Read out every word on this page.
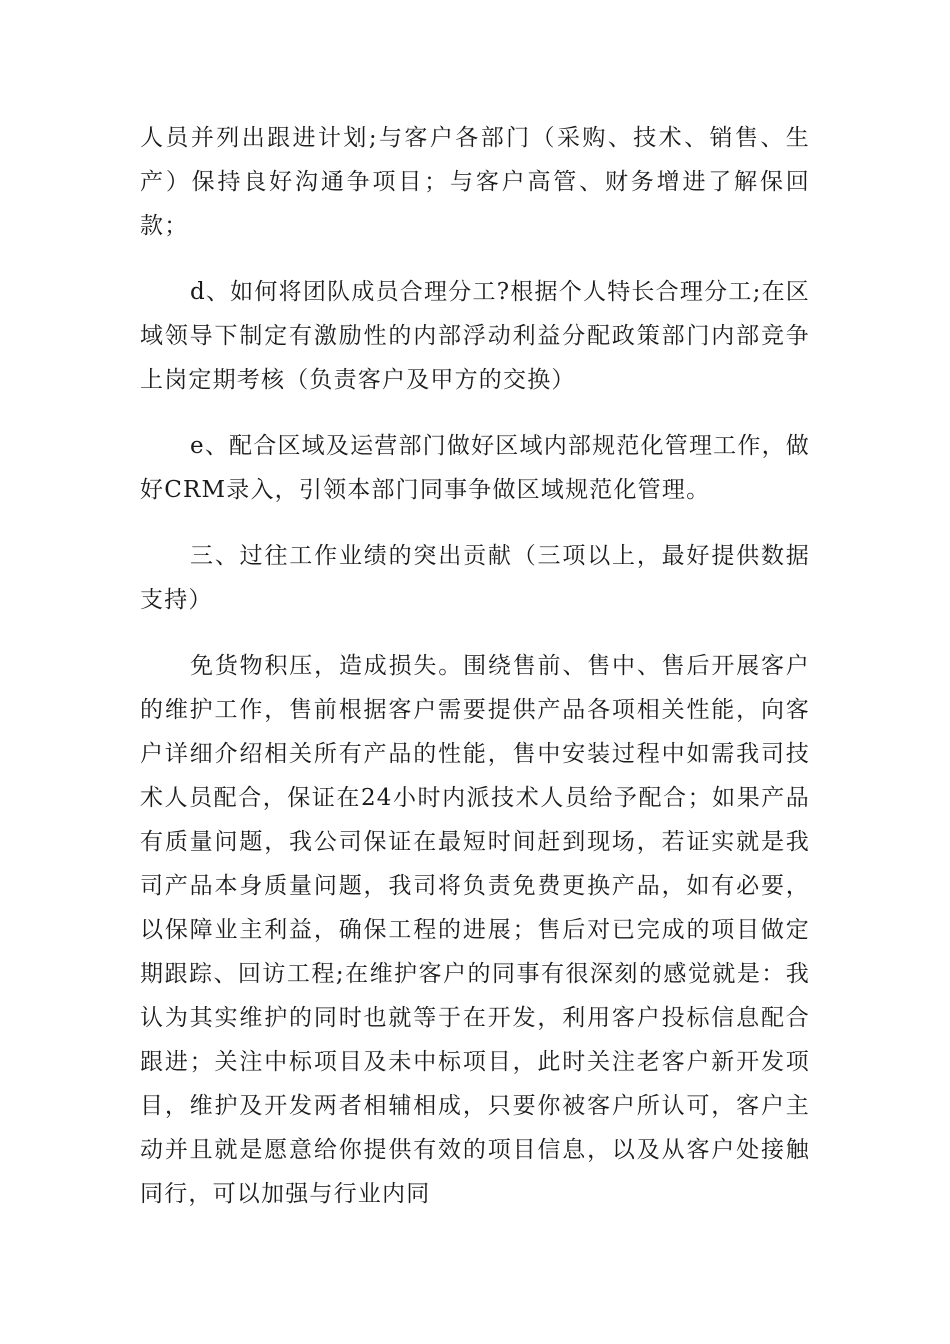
人员并列出跟进计划;与客户各部门（采购、技术、销售、生产）保持良好沟通争项目；与客户高管、财务增进了解保回款；

d、如何将团队成员合理分工?根据个人特长合理分工;在区域领导下制定有激励性的内部浮动利益分配政策部门内部竞争上岗定期考核（负责客户及甲方的交换）

e、配合区域及运营部门做好区域内部规范化管理工作，做好CRM录入，引领本部门同事争做区域规范化管理。

三、过往工作业绩的突出贡献（三项以上，最好提供数据支持）

免货物积压，造成损失。围绕售前、售中、售后开展客户的维护工作，售前根据客户需要提供产品各项相关性能，向客户详细介绍相关所有产品的性能，售中安装过程中如需我司技术人员配合，保证在24小时内派技术人员给予配合；如果产品有质量问题，我公司保证在最短时间赶到现场，若证实就是我司产品本身质量问题，我司将负责免费更换产品，如有必要，以保障业主利益，确保工程的进展；售后对已完成的项目做定期跟踪、回访工程;在维护客户的同事有很深刻的感觉就是：我认为其实维护的同时也就等于在开发，利用客户投标信息配合跟进；关注中标项目及未中标项目，此时关注老客户新开发项目，维护及开发两者相辅相成，只要你被客户所认可，客户主动并且就是愿意给你提供有效的项目信息，以及从客户处接触同行，可以加强与行业内同
